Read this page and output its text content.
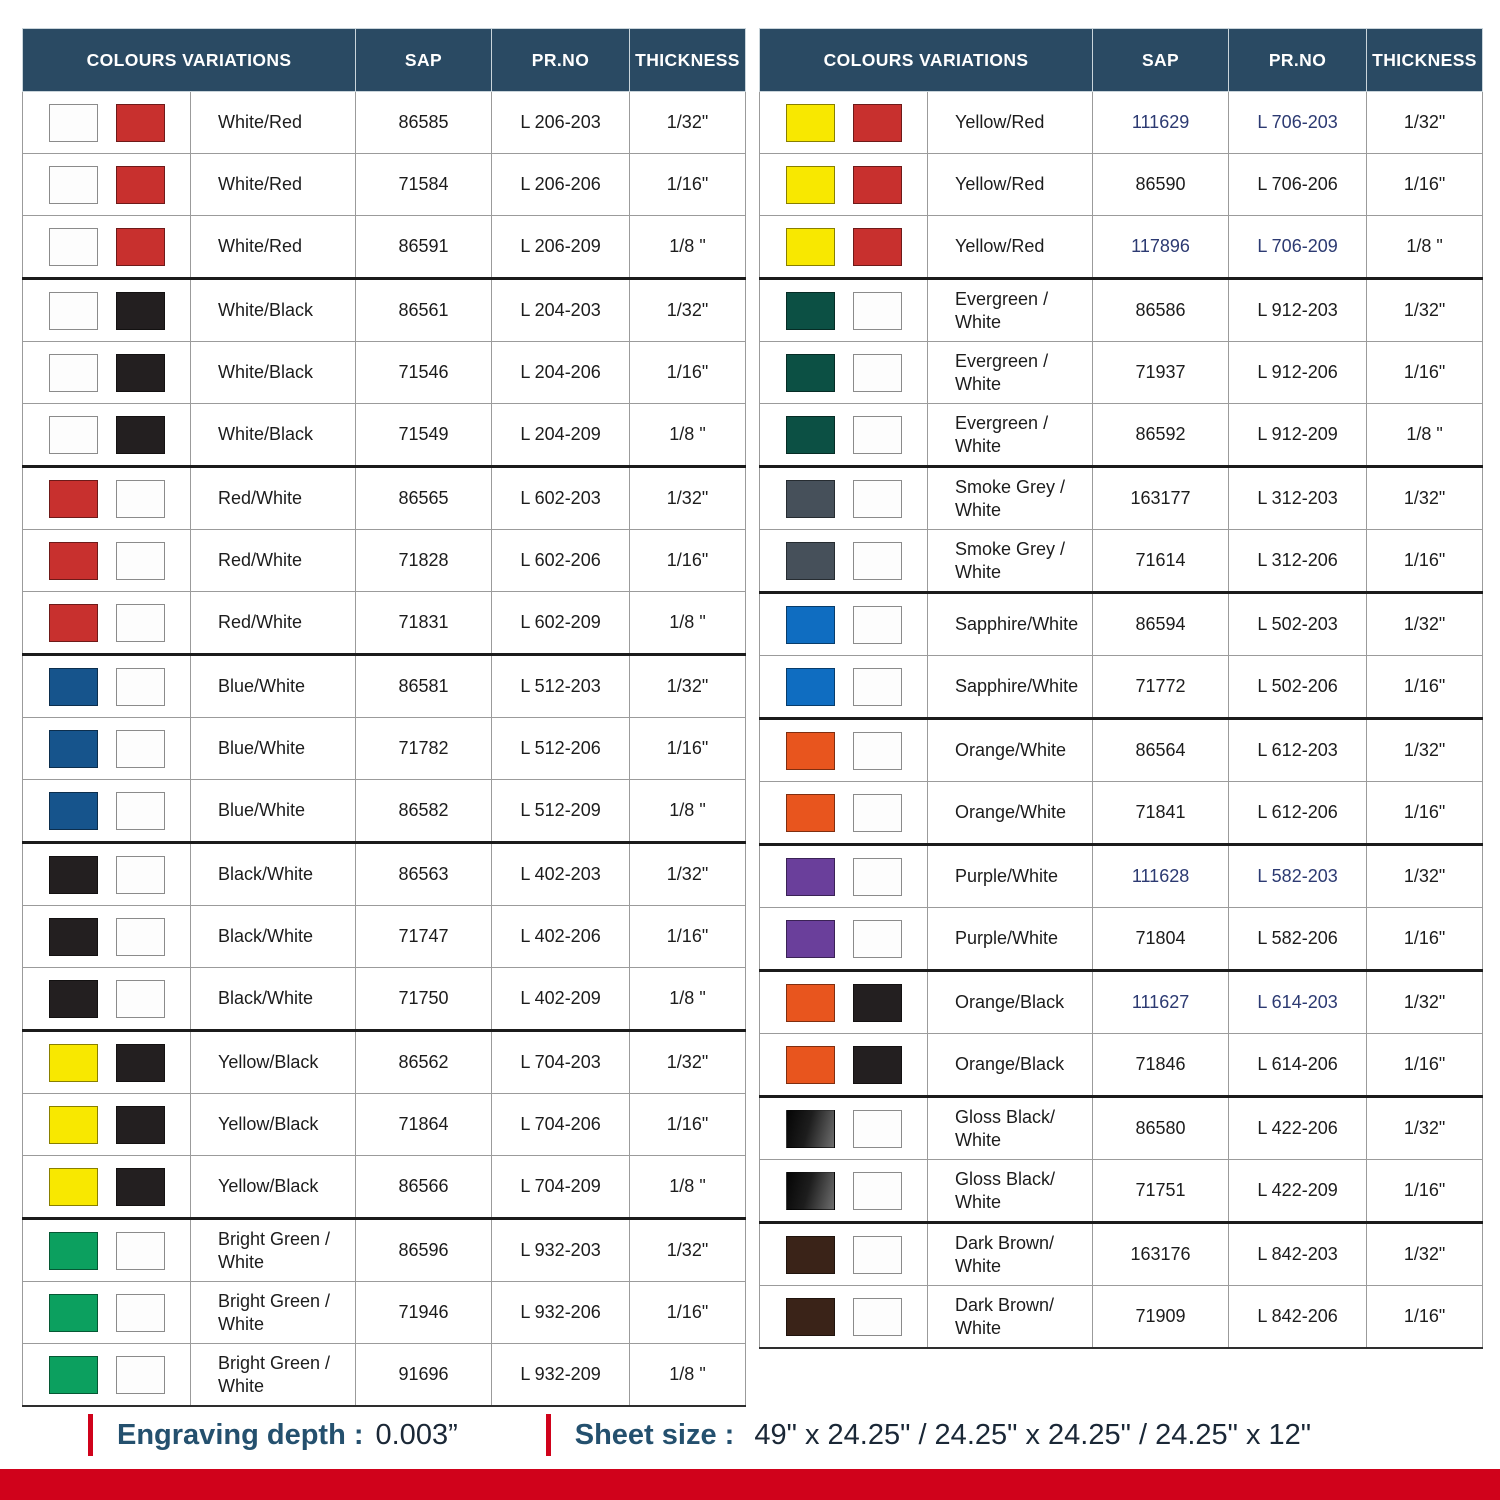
COLOURS VARIATIONS		SAP	PR.NO	THICKNESS
	White/Red	86585	L 206-203	1/32"
	White/Red	71584	L 206-206	1/16"
	White/Red	86591	L 206-209	1/8 "
	White/Black	86561	L 204-203	1/32"
	White/Black	71546	L 204-206	1/16"
	White/Black	71549	L 204-209	1/8 "
	Red/White	86565	L 602-203	1/32"
	Red/White	71828	L 602-206	1/16"
	Red/White	71831	L 602-209	1/8 "
	Blue/White	86581	L 512-203	1/32"
	Blue/White	71782	L 512-206	1/16"
	Blue/White	86582	L 512-209	1/8 "
	Black/White	86563	L 402-203	1/32"
	Black/White	71747	L 402-206	1/16"
	Black/White	71750	L 402-209	1/8 "
	Yellow/Black	86562	L 704-203	1/32"
	Yellow/Black	71864	L 704-206	1/16"
	Yellow/Black	86566	L 704-209	1/8 "
	Bright Green / White	86596	L 932-203	1/32"
	Bright Green / White	71946	L 932-206	1/16"
	Bright Green / White	91696	L 932-209	1/8 "
COLOURS VARIATIONS		SAP	PR.NO	THICKNESS
	Yellow/Red	111629	L 706-203	1/32"
	Yellow/Red	86590	L 706-206	1/16"
	Yellow/Red	117896	L 706-209	1/8 "
	Evergreen / White	86586	L 912-203	1/32"
	Evergreen / White	71937	L 912-206	1/16"
	Evergreen / White	86592	L 912-209	1/8 "
	Smoke Grey / White	163177	L 312-203	1/32"
	Smoke Grey / White	71614	L 312-206	1/16"
	Sapphire/White	86594	L 502-203	1/32"
	Sapphire/White	71772	L 502-206	1/16"
	Orange/White	86564	L 612-203	1/32"
	Orange/White	71841	L 612-206	1/16"
	Purple/White	111628	L 582-203	1/32"
	Purple/White	71804	L 582-206	1/16"
	Orange/Black	111627	L 614-203	1/32"
	Orange/Black	71846	L 614-206	1/16"
	Gloss Black/ White	86580	L 422-206	1/32"
	Gloss Black/ White	71751	L 422-209	1/16"
	Dark Brown/ White	163176	L 842-203	1/32"
	Dark Brown/ White	71909	L 842-206	1/16"
Engraving depth : 0.003”	Sheet size : 49" x 24.25" / 24.25" x 24.25" / 24.25" x 12"
